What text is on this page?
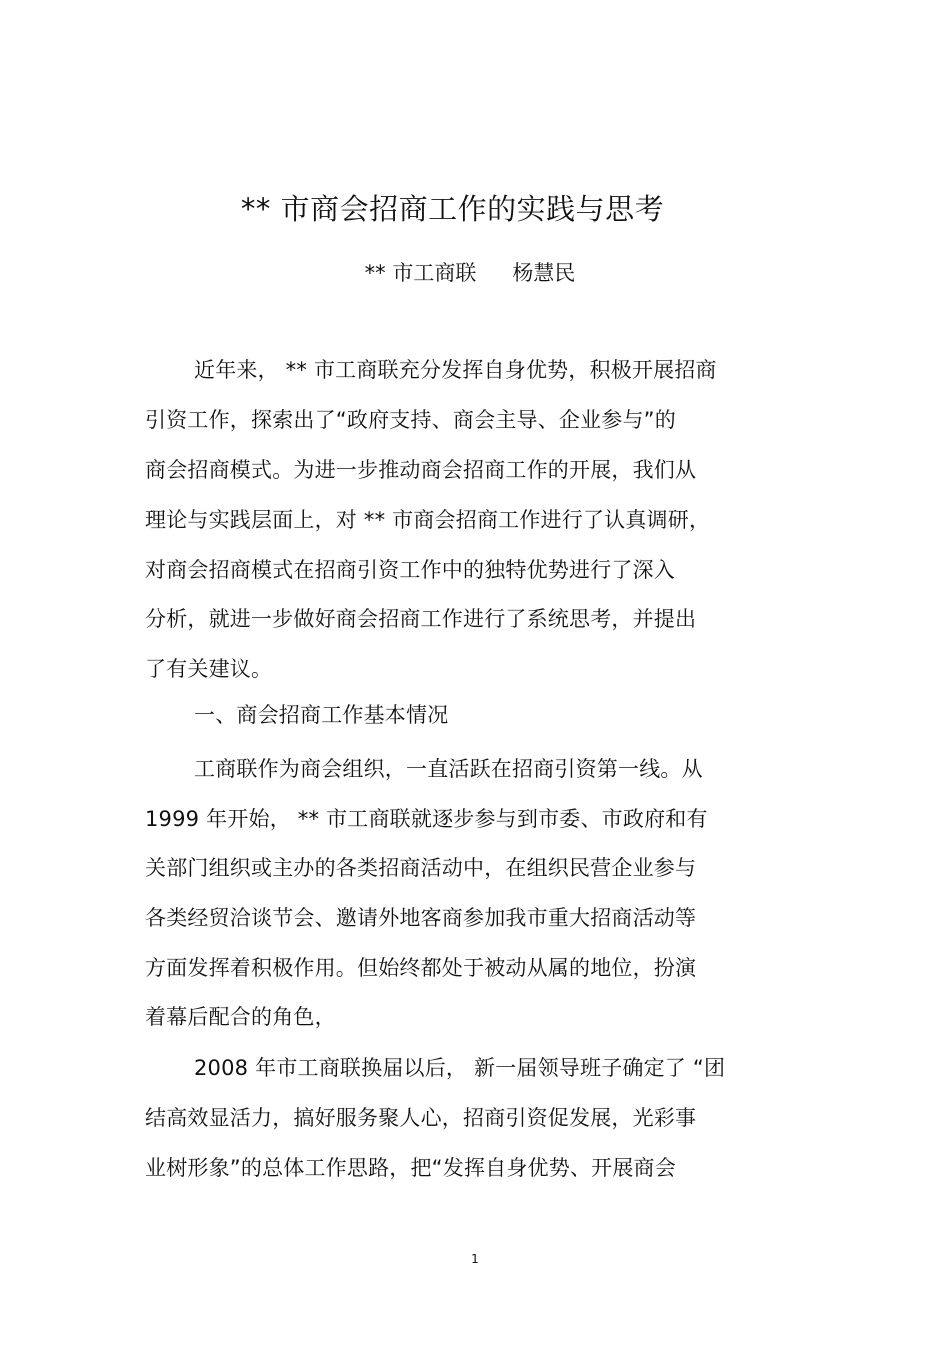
** 市商会招商工作的实践与思考
** 市工商联 杨慧民
近年来， ** 市工商联充分发挥自身优势，积极开展招商
引资工作，探索出了“政府支持、商会主导、企业参与”的
商会招商模式。为进一步推动商会招商工作的开展，我们从
理论与实践层面上，对 ** 市商会招商工作进行了认真调研，
对商会招商模式在招商引资工作中的独特优势进行了深入
分析，就进一步做好商会招商工作进行了系统思考，并提出
了有关建议。
一、商会招商工作基本情况
工商联作为商会组织，一直活跃在招商引资第一线。从
1999 年开始， ** 市工商联就逐步参与到市委、市政府和有
关部门组织或主办的各类招商活动中，在组织民营企业参与
各类经贸洽谈节会、邀请外地客商参加我市重大招商活动等
方面发挥着积极作用。但始终都处于被动从属的地位，扮演
着幕后配合的角色，
2008 年市工商联换届以后， 新一届领导班子确定了 “团
结高效显活力，搞好服务聚人心，招商引资促发展，光彩事
业树形象”的总体工作思路，把“发挥自身优势、开展商会
1
